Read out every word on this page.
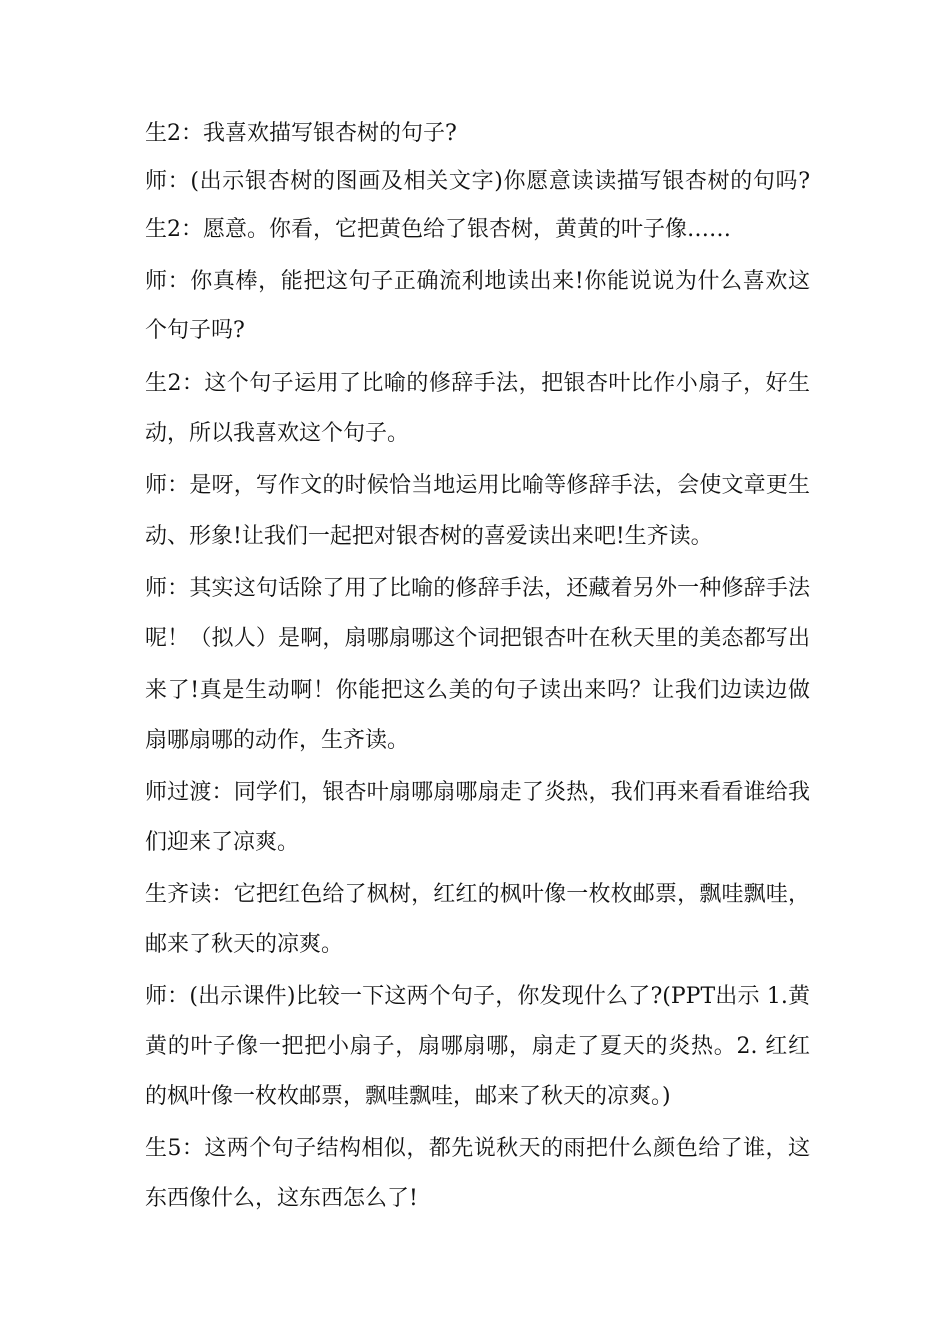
生2：我喜欢描写银杏树的句子?
师：(出示银杏树的图画及相关文字)你愿意读读描写银杏树的句吗?
生2：愿意。你看，它把黄色给了银杏树，黄黄的叶子像……
师：你真棒，能把这句子正确流利地读出来!你能说说为什么喜欢这
个句子吗?
生2：这个句子运用了比喻的修辞手法，把银杏叶比作小扇子，好生
动，所以我喜欢这个句子。
师：是呀，写作文的时候恰当地运用比喻等修辞手法，会使文章更生
动、形象!让我们一起把对银杏树的喜爱读出来吧!生齐读。
师：其实这句话除了用了比喻的修辞手法，还藏着另外一种修辞手法
呢！（拟人）是啊，扇哪扇哪这个词把银杏叶在秋天里的美态都写出
来了!真是生动啊！你能把这么美的句子读出来吗？让我们边读边做
扇哪扇哪的动作，生齐读。
师过渡：同学们，银杏叶扇哪扇哪扇走了炎热，我们再来看看谁给我
们迎来了凉爽。
生齐读：它把红色给了枫树，红红的枫叶像一枚枚邮票，飘哇飘哇，
邮来了秋天的凉爽。
师：(出示课件)比较一下这两个句子，你发现什么了?(PPT出示 1.黄
黄的叶子像一把把小扇子，扇哪扇哪，扇走了夏天的炎热。2. 红红
的枫叶像一枚枚邮票，飘哇飘哇，邮来了秋天的凉爽。)
生5：这两个句子结构相似，都先说秋天的雨把什么颜色给了谁，这
东西像什么，这东西怎么了!
